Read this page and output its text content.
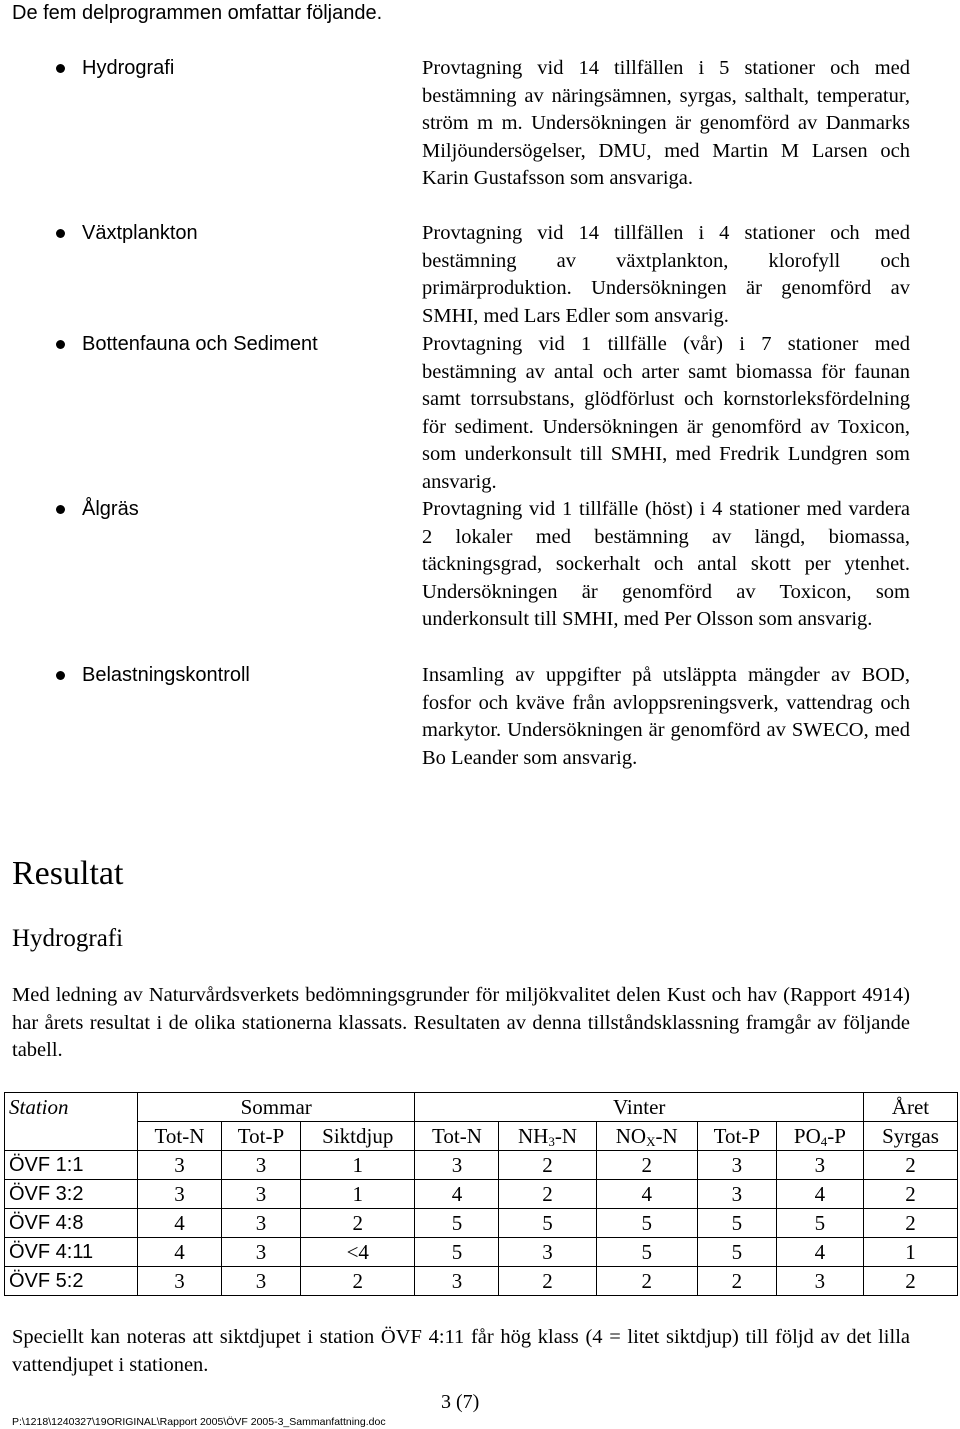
De fem delprogrammen omfattar följande.

Hydrografi	Provtagning vid 14 tillfällen i 5 stationer och med bestämning av näringsämnen, syrgas, salthalt, temperatur, ström m m. Undersökningen är genomförd av Danmarks Miljöundersögelser, DMU, med Martin M Larsen och Karin Gustafsson som ansvariga.

Växtplankton	Provtagning vid 14 tillfällen i 4 stationer och med bestämning av växtplankton, klorofyll och primärproduktion. Undersökningen är genomförd av SMHI, med Lars Edler som ansvarig.

Bottenfauna och Sediment	Provtagning vid 1 tillfälle (vår) i 7 stationer med bestämning av antal och arter samt biomassa för faunan samt torrsubstans, glödförlust och kornstorleksfördelning för sediment. Undersökningen är genomförd av Toxicon, som underkonsult till SMHI, med Fredrik Lundgren som ansvarig.

Ålgräs	Provtagning vid 1 tillfälle (höst) i 4 stationer med vardera 2 lokaler med bestämning av längd, biomassa, täckningsgrad, sockerhalt och antal skott per ytenhet. Undersökningen är genomförd av Toxicon, som underkonsult till SMHI, med Per Olsson som ansvarig.

Belastningskontroll	Insamling av uppgifter på utsläppta mängder av BOD, fosfor och kväve från avloppsreningsverk, vattendrag och markytor. Undersökningen är genomförd av SWECO, med Bo Leander som ansvarig.

Resultat
Hydrografi

Med ledning av Naturvårdsverkets bedömningsgrunder för miljökvalitet delen Kust och hav (Rapport 4914) har årets resultat i de olika stationerna klassats. Resultaten av denna tillståndsklassning framgår av följande tabell.

Station	Sommar			Vinter					Året
	Tot-N	Tot-P	Siktdjup	Tot-N	$NH_3-N$	$NO_X-N$	Tot-P	$PO_4-P$	Syrgas
ÖVF 1:1	3	3	1	3	2	2	3	3	2
ÖVF 3:2	3	3	1	4	2	4	3	4	2
ÖVF 4:8	4	3	2	5	5	5	5	5	2
ÖVF 4:11	4	3	<4	5	3	5	5	4	1
ÖVF 5:2	3	3	2	3	2	2	2	3	2

Speciellt kan noteras att siktdjupet i station ÖVF 4:11 får hög klass (4 = litet siktdjup) till följd av det lilla vattendjupet i stationen.

3 (7)
P:\1218\1240327\19ORIGINAL\Rapport 2005\ÖVF 2005-3_Sammanfattning.doc
